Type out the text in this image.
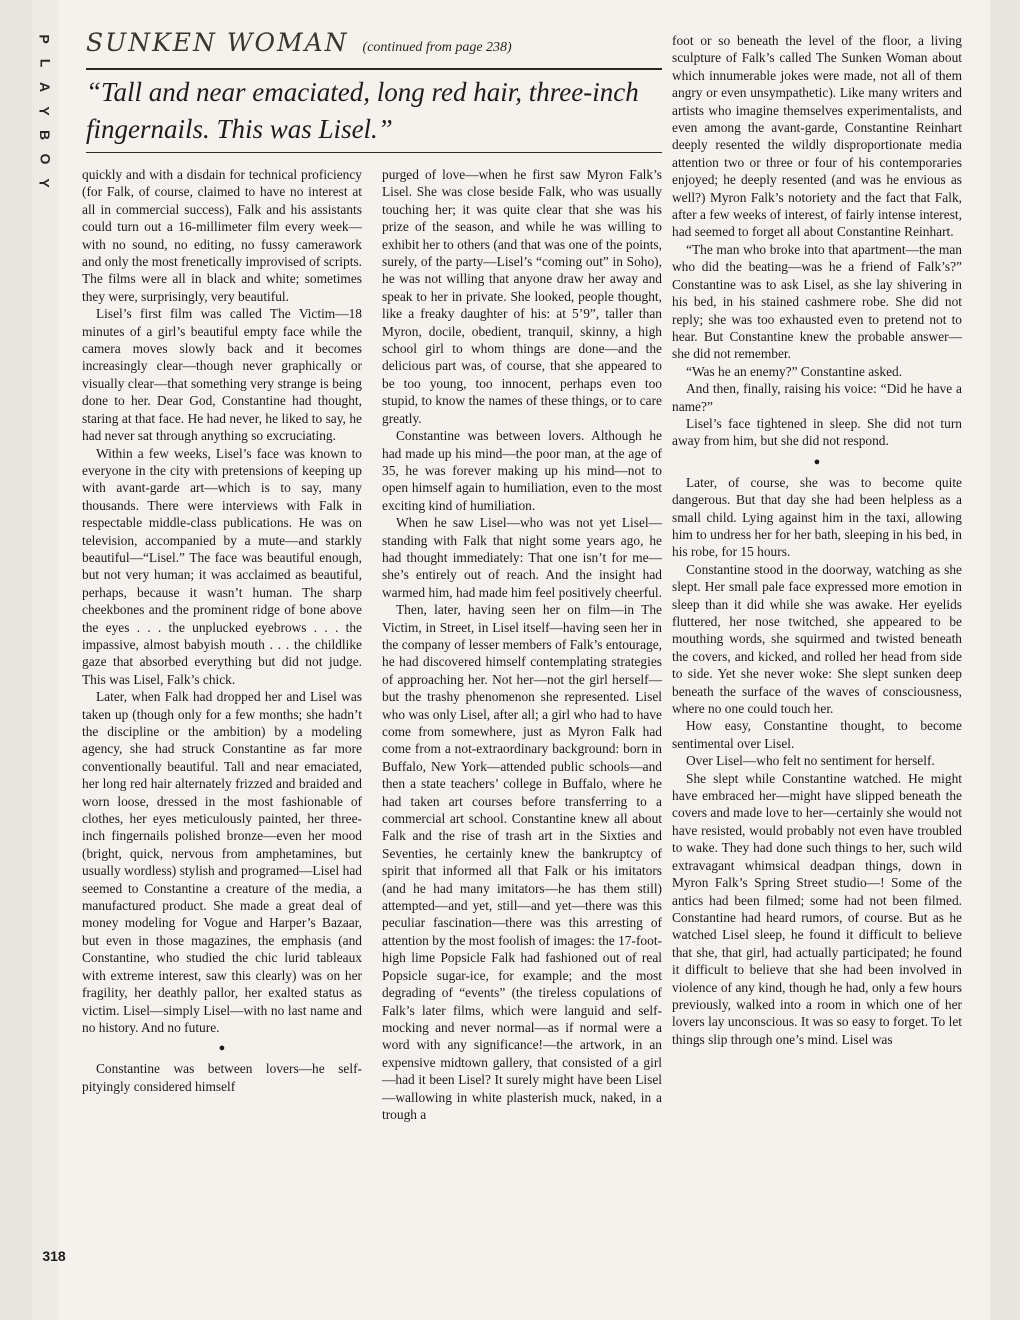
P
L
A
Y
B
O
Y
318
SUNKEN WOMAN (continued from page 238)
“Tall and near emaciated, long red hair, three-inch fingernails. This was Lisel.”

quickly and with a disdain for technical proficiency (for Falk, of course, claimed to have no interest at all in commercial success), Falk and his assistants could turn out a 16-millimeter film every week—with no sound, no editing, no fussy camerawork and only the most frenetically improvised of scripts. The films were all in black and white; sometimes they were, surprisingly, very beautiful.

Lisel’s first film was called The Victim—18 minutes of a girl’s beautiful empty face while the camera moves slowly back and it becomes increasingly clear—though never graphically or visually clear—that something very strange is being done to her. Dear God, Constantine had thought, staring at that face. He had never, he liked to say, he had never sat through anything so excruciating.

Within a few weeks, Lisel’s face was known to everyone in the city with pretensions of keeping up with avant-garde art—which is to say, many thousands. There were interviews with Falk in respectable middle-class publications. He was on television, accompanied by a mute—and starkly beautiful—“Lisel.” The face was beautiful enough, but not very human; it was acclaimed as beautiful, perhaps, because it wasn’t human. The sharp cheekbones and the prominent ridge of bone above the eyes . . . the unplucked eyebrows . . . the impassive, almost babyish mouth . . . the childlike gaze that absorbed everything but did not judge. This was Lisel, Falk’s chick.

Later, when Falk had dropped her and Lisel was taken up (though only for a few months; she hadn’t the discipline or the ambition) by a modeling agency, she had struck Constantine as far more conventionally beautiful. Tall and near emaciated, her long red hair alternately frizzed and braided and worn loose, dressed in the most fashionable of clothes, her eyes meticulously painted, her three-inch fingernails polished bronze—even her mood (bright, quick, nervous from amphetamines, but usually wordless) stylish and programed—Lisel had seemed to Constantine a creature of the media, a manufactured product. She made a great deal of money modeling for Vogue and Harper’s Bazaar, but even in those magazines, the emphasis (and Constantine, who studied the chic lurid tableaux with extreme interest, saw this clearly) was on her fragility, her deathly pallor, her exalted status as victim. Lisel—simply Lisel—with no last name and no history. And no future.

●

Constantine was between lovers—he self-pityingly considered himself

purged of love—when he first saw Myron Falk’s Lisel. She was close beside Falk, who was usually touching her; it was quite clear that she was his prize of the season, and while he was willing to exhibit her to others (and that was one of the points, surely, of the party—Lisel’s “coming out” in Soho), he was not willing that anyone draw her away and speak to her in private. She looked, people thought, like a freaky daughter of his: at 5’9”, taller than Myron, docile, obedient, tranquil, skinny, a high school girl to whom things are done—and the delicious part was, of course, that she appeared to be too young, too innocent, perhaps even too stupid, to know the names of these things, or to care greatly.

Constantine was between lovers. Although he had made up his mind—the poor man, at the age of 35, he was forever making up his mind—not to open himself again to humiliation, even to the most exciting kind of humiliation.

When he saw Lisel—who was not yet Lisel—standing with Falk that night some years ago, he had thought immediately: That one isn’t for me—she’s entirely out of reach. And the insight had warmed him, had made him feel positively cheerful.

Then, later, having seen her on film—in The Victim, in Street, in Lisel itself—having seen her in the company of lesser members of Falk’s entourage, he had discovered himself contemplating strategies of approaching her. Not her—not the girl herself—but the trashy phenomenon she represented. Lisel who was only Lisel, after all; a girl who had to have come from somewhere, just as Myron Falk had come from a not-extraordinary background: born in Buffalo, New York—attended public schools—and then a state teachers’ college in Buffalo, where he had taken art courses before transferring to a commercial art school. Constantine knew all about Falk and the rise of trash art in the Sixties and Seventies, he certainly knew the bankruptcy of spirit that informed all that Falk or his imitators (and he had many imitators—he has them still) attempted—and yet, still—and yet—there was this peculiar fascination—there was this arresting of attention by the most foolish of images: the 17-foot-high lime Popsicle Falk had fashioned out of real Popsicle sugar-ice, for example; and the most degrading of “events” (the tireless copulations of Falk’s later films, which were languid and self-mocking and never normal—as if normal were a word with any significance!—the artwork, in an expensive midtown gallery, that consisted of a girl—had it been Lisel? It surely might have been Lisel—wallowing in white plasterish muck, naked, in a trough a

foot or so beneath the level of the floor, a living sculpture of Falk’s called The Sunken Woman about which innumerable jokes were made, not all of them angry or even unsympathetic). Like many writers and artists who imagine themselves experimentalists, and even among the avant-garde, Constantine Reinhart deeply resented the wildly disproportionate media attention two or three or four of his contemporaries enjoyed; he deeply resented (and was he envious as well?) Myron Falk’s notoriety and the fact that Falk, after a few weeks of interest, of fairly intense interest, had seemed to forget all about Constantine Reinhart.

“The man who broke into that apartment—the man who did the beating—was he a friend of Falk’s?” Constantine was to ask Lisel, as she lay shivering in his bed, in his stained cashmere robe. She did not reply; she was too exhausted even to pretend not to hear. But Constantine knew the probable answer—she did not remember.

“Was he an enemy?” Constantine asked.

And then, finally, raising his voice: “Did he have a name?”

Lisel’s face tightened in sleep. She did not turn away from him, but she did not respond.

●

Later, of course, she was to become quite dangerous. But that day she had been helpless as a small child. Lying against him in the taxi, allowing him to undress her for her bath, sleeping in his bed, in his robe, for 15 hours.

Constantine stood in the doorway, watching as she slept. Her small pale face expressed more emotion in sleep than it did while she was awake. Her eyelids fluttered, her nose twitched, she appeared to be mouthing words, she squirmed and twisted beneath the covers, and kicked, and rolled her head from side to side. Yet she never woke: She slept sunken deep beneath the surface of the waves of consciousness, where no one could touch her.

How easy, Constantine thought, to become sentimental over Lisel.

Over Lisel—who felt no sentiment for herself.

She slept while Constantine watched. He might have embraced her—might have slipped beneath the covers and made love to her—certainly she would not have resisted, would probably not even have troubled to wake. They had done such things to her, such wild extravagant whimsical deadpan things, down in Myron Falk’s Spring Street studio—! Some of the antics had been filmed; some had not been filmed. Constantine had heard rumors, of course. But as he watched Lisel sleep, he found it difficult to believe that she, that girl, had actually participated; he found it difficult to believe that she had been involved in violence of any kind, though he had, only a few hours previously, walked into a room in which one of her lovers lay unconscious. It was so easy to forget. To let things slip through one’s mind. Lisel was
